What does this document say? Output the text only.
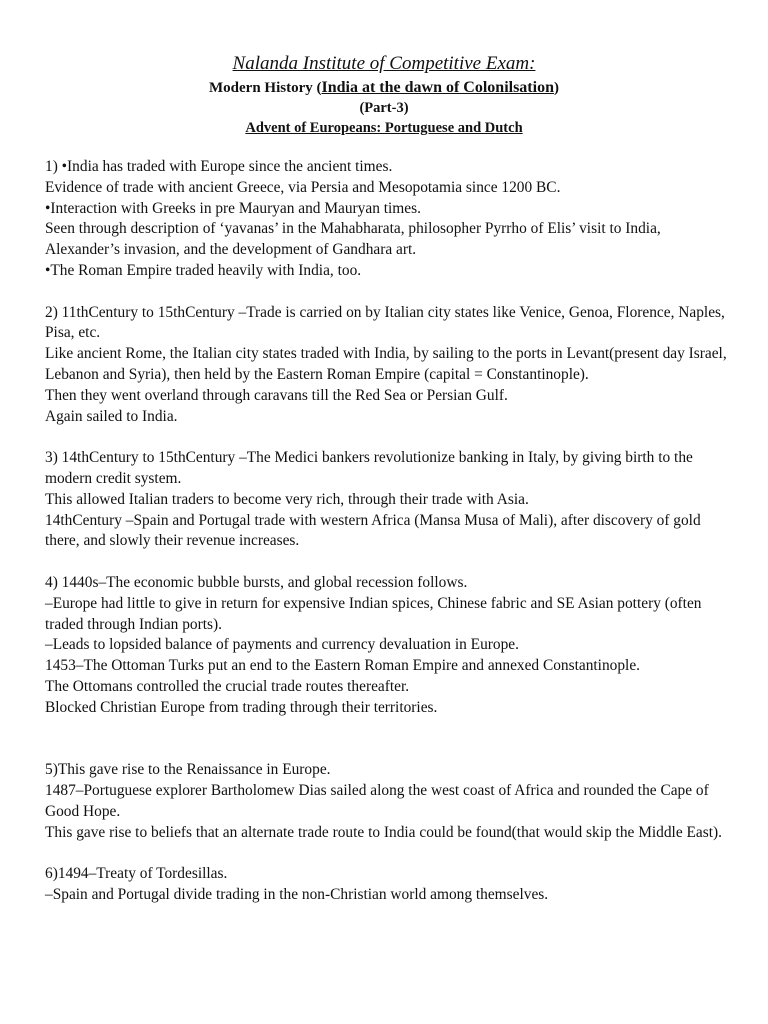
Nalanda Institute of Competitive Exam:
Modern History (India at the dawn of Colonilsation)
(Part-3)
Advent of Europeans: Portuguese and Dutch

1) •India has traded with Europe since the ancient times.

Evidence of trade with ancient Greece, via Persia and Mesopotamia since 1200 BC.

•Interaction with Greeks in pre Mauryan and Mauryan times.

Seen through description of ‘yavanas’ in the Mahabharata, philosopher Pyrrho of Elis’ visit to India, Alexander’s invasion, and the development of Gandhara art.

•The Roman Empire traded heavily with India, too.

2) 11thCentury to 15thCentury –Trade is carried on by Italian city states like Venice, Genoa, Florence, Naples, Pisa, etc.

Like ancient Rome, the Italian city states traded with India, by sailing to the ports in Levant(present day Israel, Lebanon and Syria), then held by the Eastern Roman Empire (capital = Constantinople).

Then they went overland through caravans till the Red Sea or Persian Gulf.

Again sailed to India.

3) 14thCentury to 15thCentury –The Medici bankers revolutionize banking in Italy, by giving birth to the modern credit system.

This allowed Italian traders to become very rich, through their trade with Asia.

14thCentury –Spain and Portugal trade with western Africa (Mansa Musa of Mali), after discovery of gold there, and slowly their revenue increases.

4) 1440s–The economic bubble bursts, and global recession follows.

–Europe had little to give in return for expensive Indian spices, Chinese fabric and SE Asian pottery (often traded through Indian ports).

–Leads to lopsided balance of payments and currency devaluation in Europe.

1453–The Ottoman Turks put an end to the Eastern Roman Empire and annexed Constantinople.

The Ottomans controlled the crucial trade routes thereafter.

Blocked Christian Europe from trading through their territories.

5)This gave rise to the Renaissance in Europe.

1487–Portuguese explorer Bartholomew Dias sailed along the west coast of Africa and rounded the Cape of Good Hope.

This gave rise to beliefs that an alternate trade route to India could be found(that would skip the Middle East).

6)1494–Treaty of Tordesillas.

–Spain and Portugal divide trading in the non-Christian world among themselves.
